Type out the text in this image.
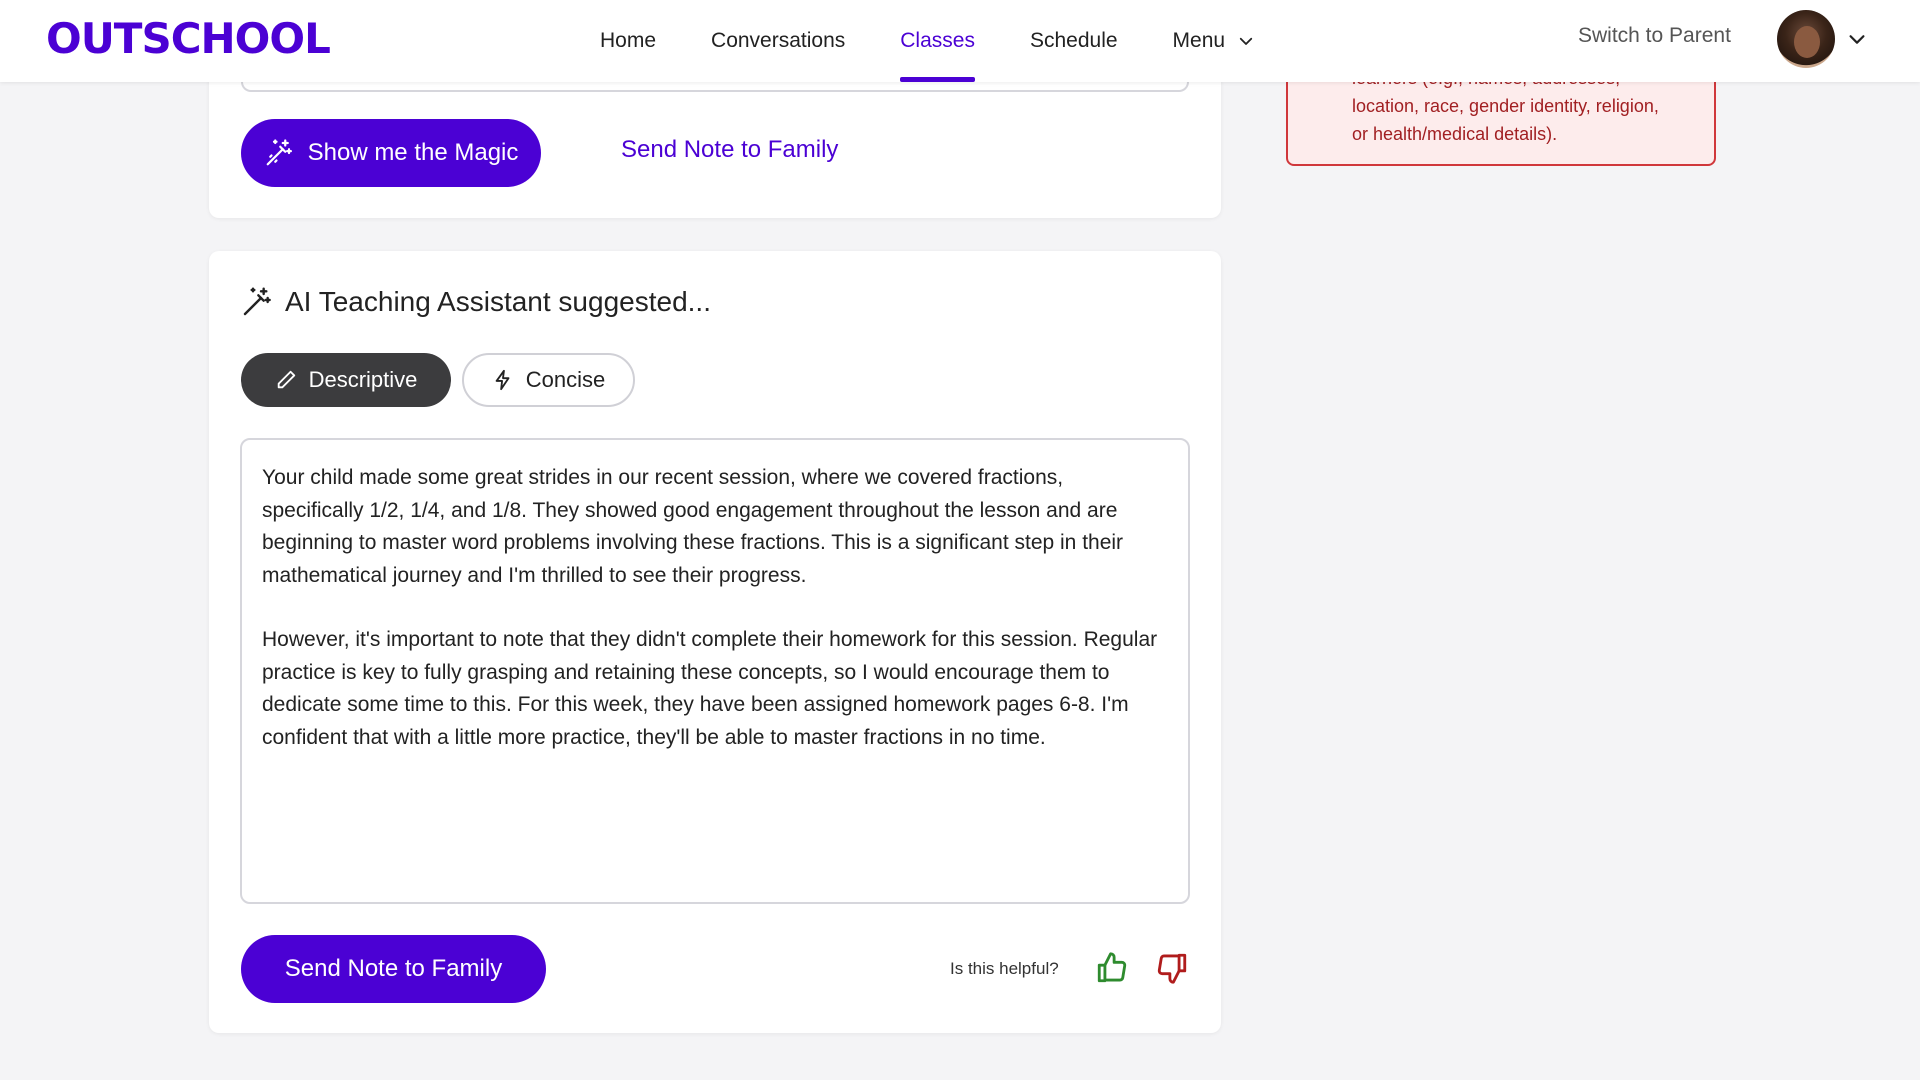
OUTSCHOOL	Home	Conversations	Classes	Schedule	Menu	Switch to Parent
location, race, gender identity, religion,
or health/medical details).
Show me the Magic	Send Note to Family
AI Teaching Assistant suggested...
Descriptive	Concise

Your child made some great strides in our recent session, where we covered fractions, specifically 1/2, 1/4, and 1/8. They showed good engagement throughout the lesson and are beginning to master word problems involving these fractions. This is a significant step in their mathematical journey and I'm thrilled to see their progress.

However, it's important to note that they didn't complete their homework for this session. Regular practice is key to fully grasping and retaining these concepts, so I would encourage them to dedicate some time to this. For this week, they have been assigned homework pages 6-8. I'm confident that with a little more practice, they'll be able to master fractions in no time.

Send Note to Family	Is this helpful?
